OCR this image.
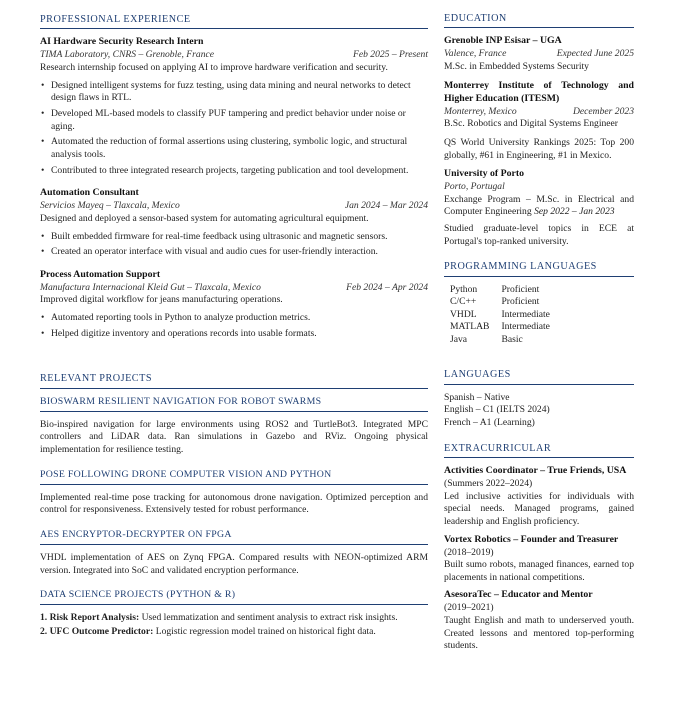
PROFESSIONAL EXPERIENCE
AI Hardware Security Research Intern
TIMA Laboratory, CNRS – Grenoble, France	Feb 2025 – Present
Research internship focused on applying AI to improve hardware verification and security.
• Designed intelligent systems for fuzz testing, using data mining and neural networks to detect design flaws in RTL.
• Developed ML-based models to classify PUF tampering and predict behavior under noise or aging.
• Automated the reduction of formal assertions using clustering, symbolic logic, and structural analysis tools.
• Contributed to three integrated research projects, targeting publication and tool development.
Automation Consultant
Servicios Mayeq – Tlaxcala, Mexico	Jan 2024 – Mar 2024
Designed and deployed a sensor-based system for automating agricultural equipment.
• Built embedded firmware for real-time feedback using ultrasonic and magnetic sensors.
• Created an operator interface with visual and audio cues for user-friendly interaction.
Process Automation Support
Manufactura Internacional Kleid Gut – Tlaxcala, Mexico	Feb 2024 – Apr 2024
Improved digital workflow for jeans manufacturing operations.
• Automated reporting tools in Python to analyze production metrics.
• Helped digitize inventory and operations records into usable formats.
RELEVANT PROJECTS
BIOSWARM RESILIENT NAVIGATION FOR ROBOT SWARMS
Bio-inspired navigation for large environments using ROS2 and TurtleBot3. Integrated MPC controllers and LiDAR data. Ran simulations in Gazebo and RViz. Ongoing physical implementation for resilience testing.
POSE FOLLOWING DRONE COMPUTER VISION AND PYTHON
Implemented real-time pose tracking for autonomous drone navigation. Optimized perception and control for responsiveness. Extensively tested for robust performance.
AES ENCRYPTOR-DECRYPTER ON FPGA
VHDL implementation of AES on Zynq FPGA. Compared results with NEON-optimized ARM version. Integrated into SoC and validated encryption performance.
DATA SCIENCE PROJECTS (PYTHON & R)
1. Risk Report Analysis: Used lemmatization and sentiment analysis to extract risk insights.
2. UFC Outcome Predictor: Logistic regression model trained on historical fight data.
EDUCATION
Grenoble INP Esisar – UGA
Valence, France	Expected June 2025
M.Sc. in Embedded Systems Security
Monterrey Institute of Technology and Higher Education (ITESM)
Monterrey, Mexico	December 2023
B.Sc. Robotics and Digital Systems Engineer
QS World University Rankings 2025: Top 200 globally, #61 in Engineering, #1 in Mexico.
University of Porto
Porto, Portugal
Exchange Program – M.Sc. in Electrical and Computer Engineering Sep 2022 – Jan 2023
Studied graduate-level topics in ECE at Portugal's top-ranked university.
PROGRAMMING LANGUAGES
Python	Proficient
C/C++	Proficient
VHDL	Intermediate
MATLAB	Intermediate
Java	Basic
LANGUAGES
Spanish – Native
English – C1 (IELTS 2024)
French – A1 (Learning)
EXTRACURRICULAR
Activities Coordinator – True Friends, USA
(Summers 2022–2024)
Led inclusive activities for individuals with special needs. Managed programs, gained leadership and English proficiency.
Vortex Robotics – Founder and Treasurer
(2018–2019)
Built sumo robots, managed finances, earned top placements in national competitions.
AsesoraTec – Educator and Mentor
(2019–2021)
Taught English and math to underserved youth. Created lessons and mentored top-performing students.
